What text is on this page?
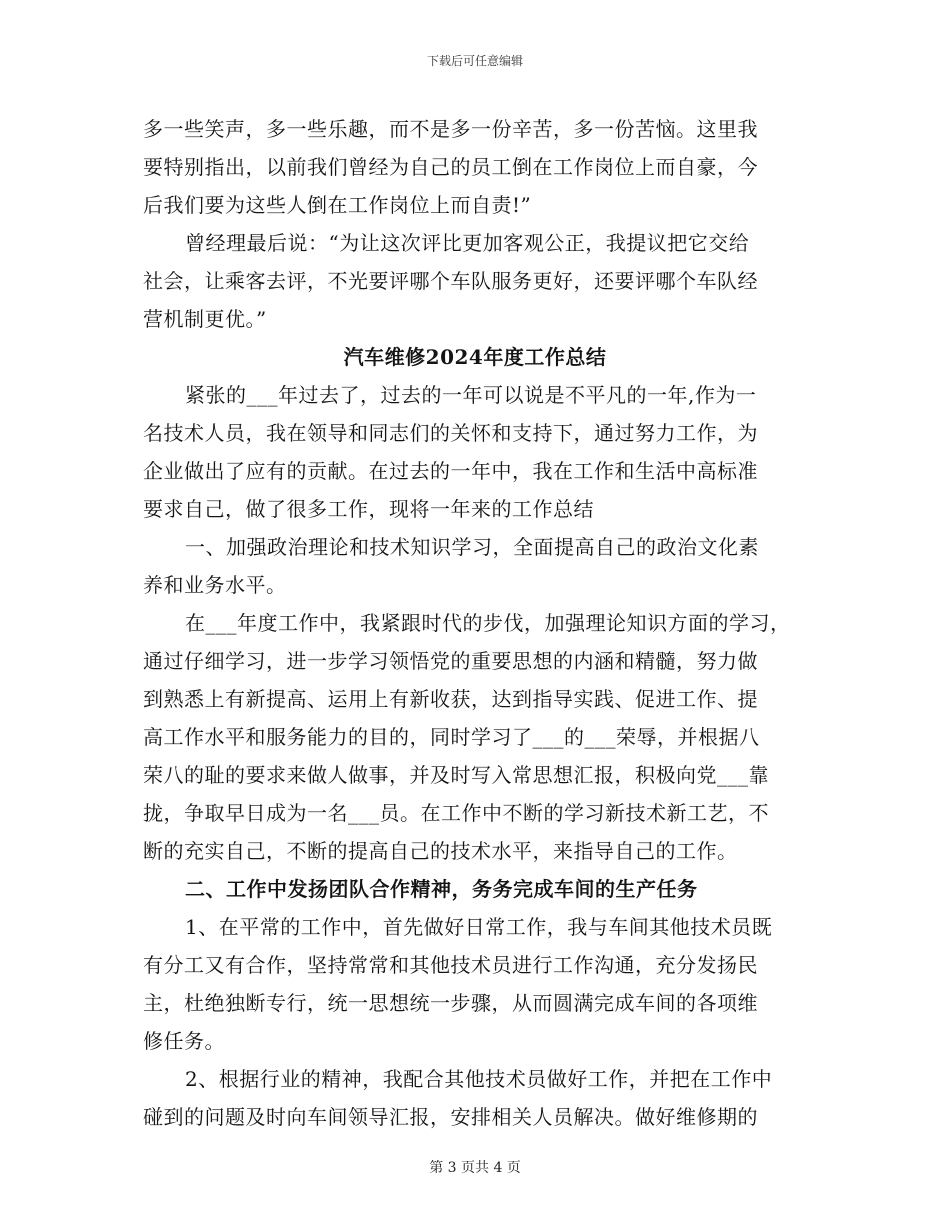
下载后可任意编辑
多一些笑声，多一些乐趣，而不是多一份辛苦，多一份苦恼。这里我
要特别指出，以前我们曾经为自己的员工倒在工作岗位上而自豪，今
后我们要为这些人倒在工作岗位上而自责!”
曾经理最后说：“为让这次评比更加客观公正，我提议把它交给
社会，让乘客去评，不光要评哪个车队服务更好，还要评哪个车队经
营机制更优。”
汽车维修2024年度工作总结
紧张的___年过去了，过去的一年可以说是不平凡的一年,作为一
名技术人员，我在领导和同志们的关怀和支持下，通过努力工作，为
企业做出了应有的贡献。在过去的一年中，我在工作和生活中高标准
要求自己，做了很多工作，现将一年来的工作总结
一、加强政治理论和技术知识学习，全面提高自己的政治文化素
养和业务水平。
在___年度工作中，我紧跟时代的步伐，加强理论知识方面的学习，
通过仔细学习，进一步学习领悟党的重要思想的内涵和精髓，努力做
到熟悉上有新提高、运用上有新收获，达到指导实践、促进工作、提
高工作水平和服务能力的目的，同时学习了___的___荣辱，并根据八
荣八的耻的要求来做人做事，并及时写入常思想汇报，积极向党___靠
拢，争取早日成为一名___员。在工作中不断的学习新技术新工艺，不
断的充实自己，不断的提高自己的技术水平，来指导自己的工作。
二、工作中发扬团队合作精神，务务完成车间的生产任务
1、在平常的工作中，首先做好日常工作，我与车间其他技术员既
有分工又有合作，坚持常常和其他技术员进行工作沟通，充分发扬民
主，杜绝独断专行，统一思想统一步骤，从而圆满完成车间的各项维
修任务。
2、根据行业的精神，我配合其他技术员做好工作，并把在工作中
碰到的问题及时向车间领导汇报，安排相关人员解决。做好维修期的
第 3 页共 4 页
